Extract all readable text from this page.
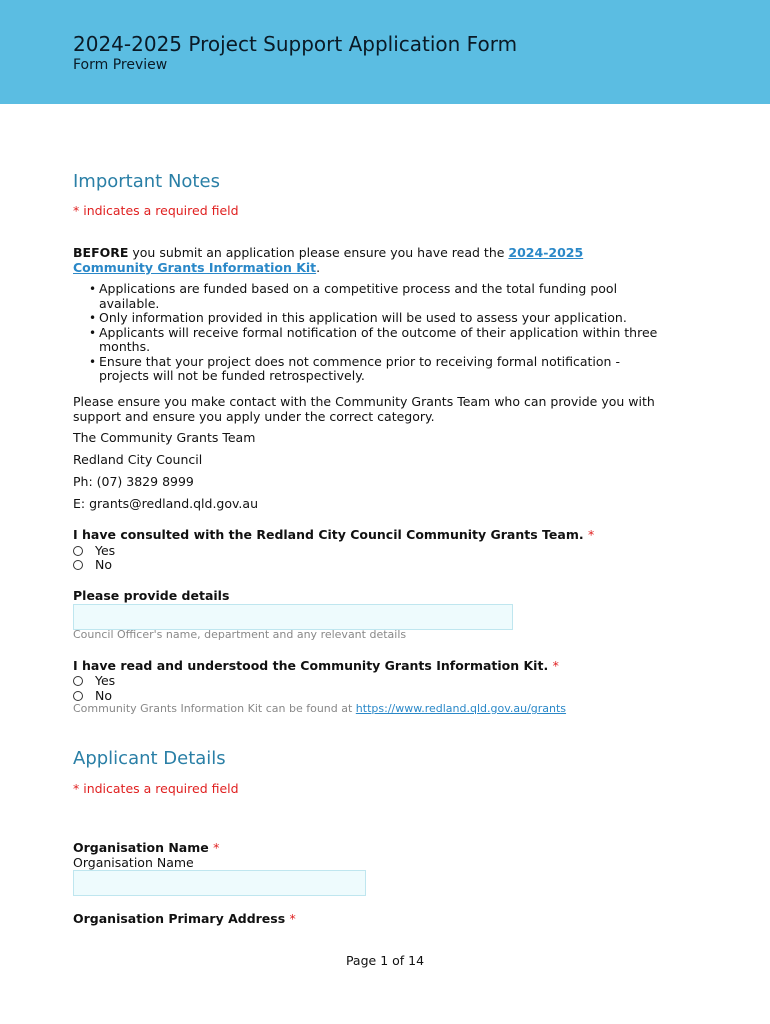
2024-2025 Project Support Application Form
Form Preview
Important Notes
* indicates a required field
BEFORE you submit an application please ensure you have read the 2024-2025 Community Grants Information Kit.
• Applications are funded based on a competitive process and the total funding pool available.
• Only information provided in this application will be used to assess your application.
• Applicants will receive formal notification of the outcome of their application within three months.
• Ensure that your project does not commence prior to receiving formal notification - projects will not be funded retrospectively.
Please ensure you make contact with the Community Grants Team who can provide you with support and ensure you apply under the correct category.
The Community Grants Team
Redland City Council
Ph: (07) 3829 8999
E: grants@redland.qld.gov.au
I have consulted with the Redland City Council Community Grants Team. *
Yes
No
Please provide details
Council Officer's name, department and any relevant details
I have read and understood the Community Grants Information Kit. *
Yes
No
Community Grants Information Kit can be found at https://www.redland.qld.gov.au/grants
Applicant Details
* indicates a required field
Organisation Name *
Organisation Name
Organisation Primary Address *
Page 1 of 14
